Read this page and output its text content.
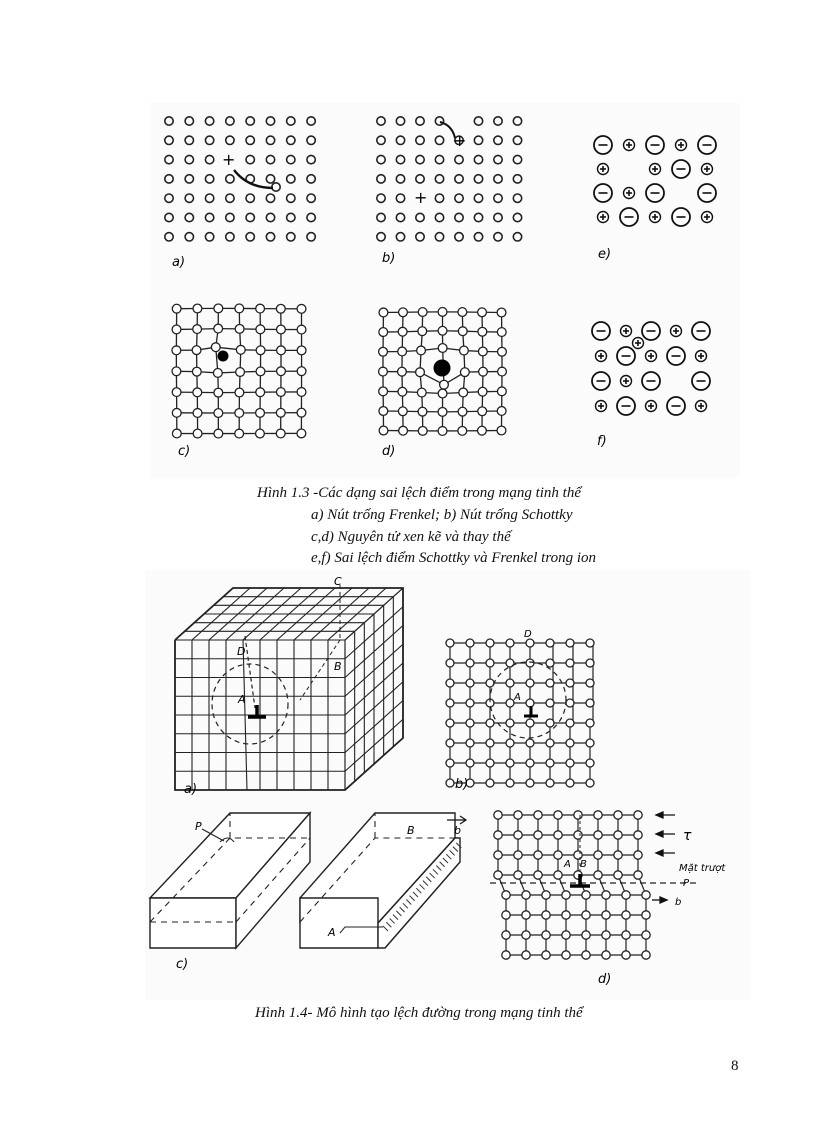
+
a)
+
+
b)	e)
c)	d)
f)
Hình 1.3 -Các dạng sai lệch điểm trong mạng tinh thể
a) Nút trống Frenkel; b) Nút trống Schottky
c,d) Nguyên tử xen kẽ và thay thế
e,f) Sai lệch điểm Schottky và Frenkel trong ion
C
D
A
B
a)
D
A
b)
P	B	b
A
c)
A B
τ
Mặt trượt
P
b
d)
Hình 1.4- Mô hình tạo lệch đường trong mạng tinh thể
8
